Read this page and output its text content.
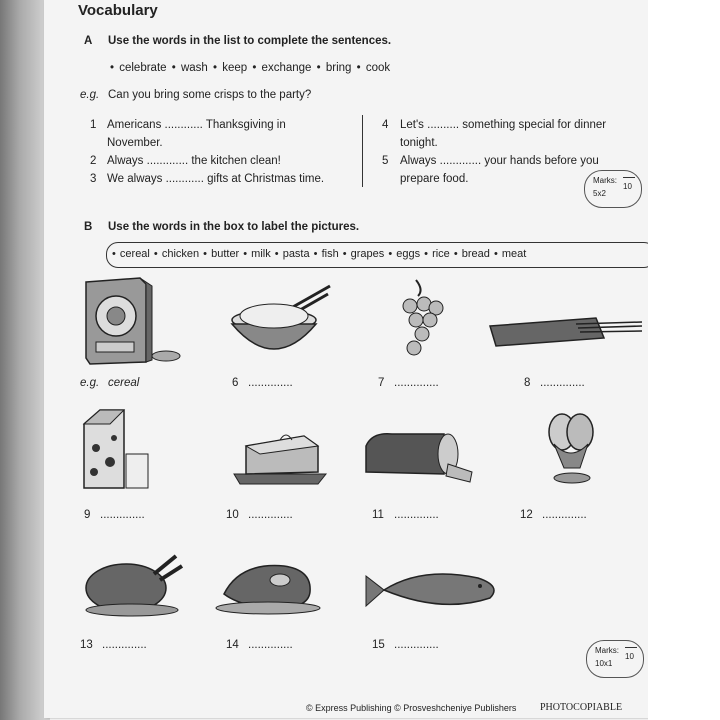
Vocabulary
A Use the words in the list to complete the sentences.
• celebrate • wash • keep • exchange • bring • cook
e.g. Can you bring some crisps to the party?
1 Americans ............ Thanksgiving in
November.
2 Always ............. the kitchen clean!
3 We always ............ gifts at Christmas time.
4 Let's .......... something special for dinner
tonight.
5 Always ............. your hands before you
prepare food.	Marks:
5x2
10
B Use the words in the box to label the pictures.
• cereal • chicken • butter • milk • pasta • fish • grapes • eggs • rice • bread • meat
e.g. cereal	6 ..............	7 ..............	8 ..............
9 ..............	10 ..............	11 ..............	12 ..............
13 ..............	14 ..............	15 ..............	Marks:
10x1
10
© Express Publishing © Prosveshcheniye Publishers PHOTOCOPIABLE
